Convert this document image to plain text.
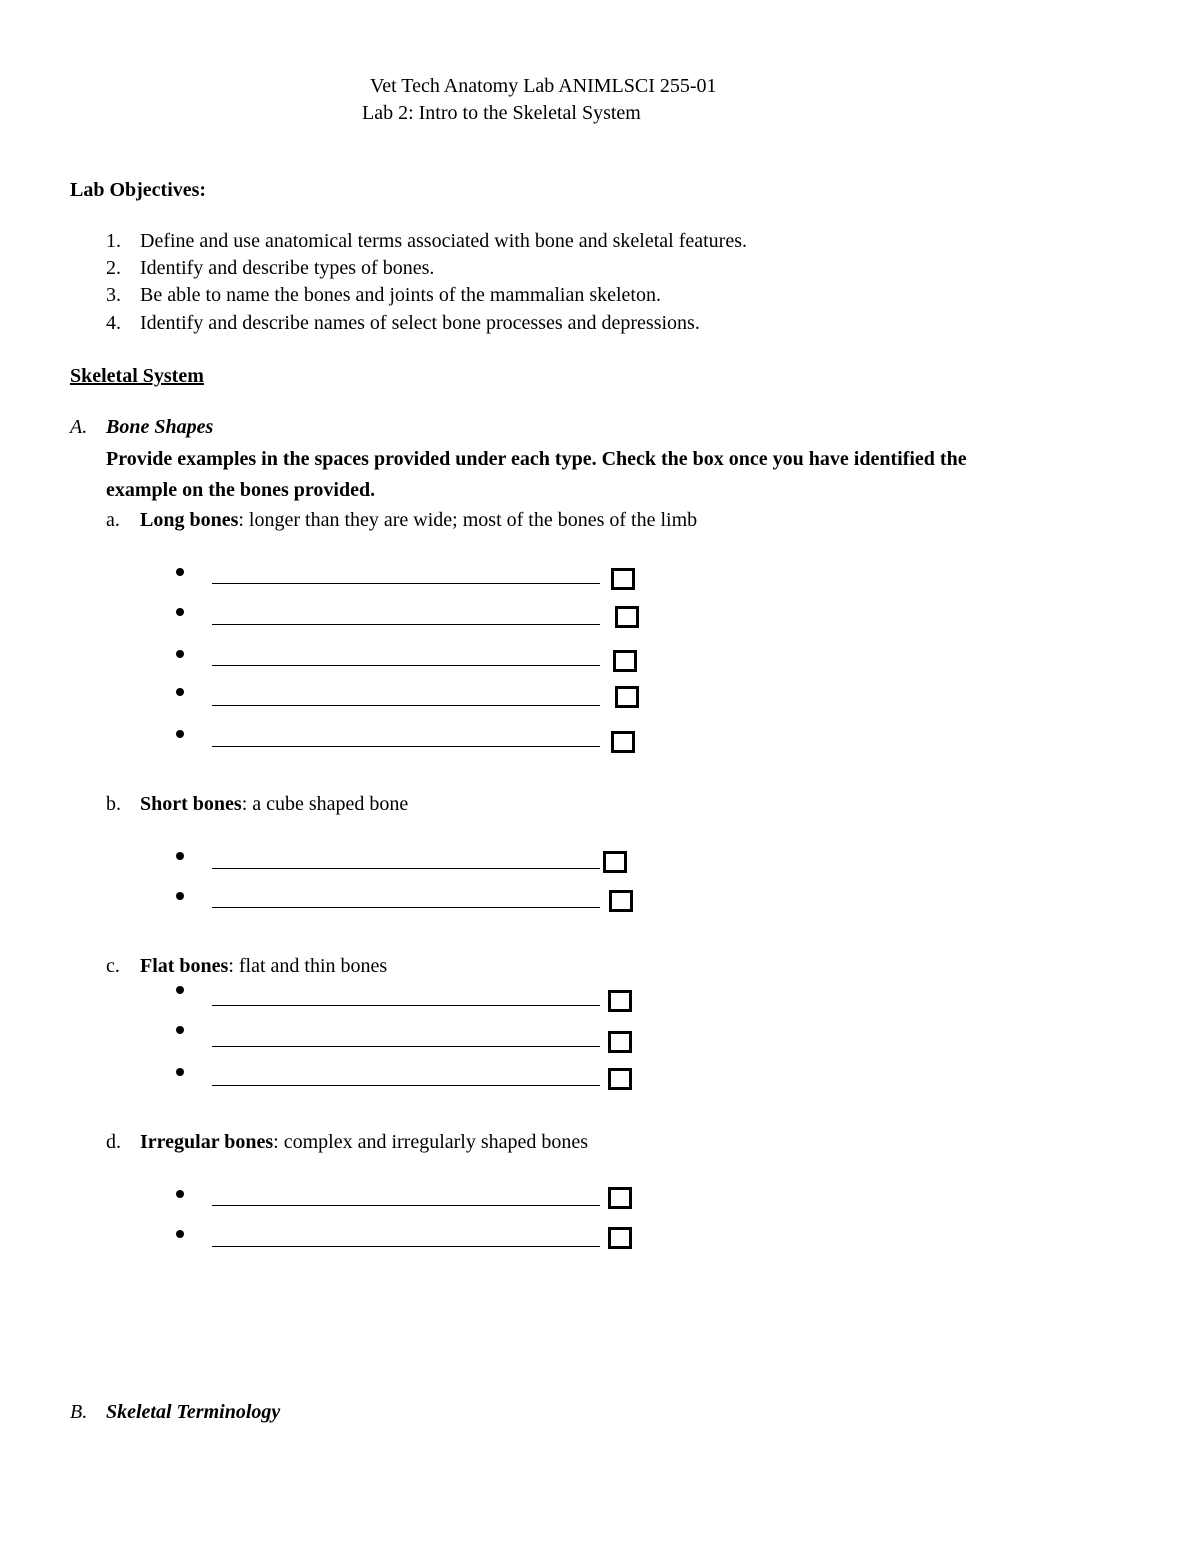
Vet Tech Anatomy Lab ANIMLSCI 255-01
Lab 2: Intro to the Skeletal System
Lab Objectives:
1. Define and use anatomical terms associated with bone and skeletal features.
2. Identify and describe types of bones.
3. Be able to name the bones and joints of the mammalian skeleton.
4. Identify and describe names of select bone processes and depressions.
Skeletal System
A. Bone Shapes
Provide examples in the spaces provided under each type. Check the box once you have identified the
example on the bones provided.
a. Long bones: longer than they are wide; most of the bones of the limb
b. Short bones: a cube shaped bone
c. Flat bones: flat and thin bones
d. Irregular bones: complex and irregularly shaped bones
B. Skeletal Terminology
